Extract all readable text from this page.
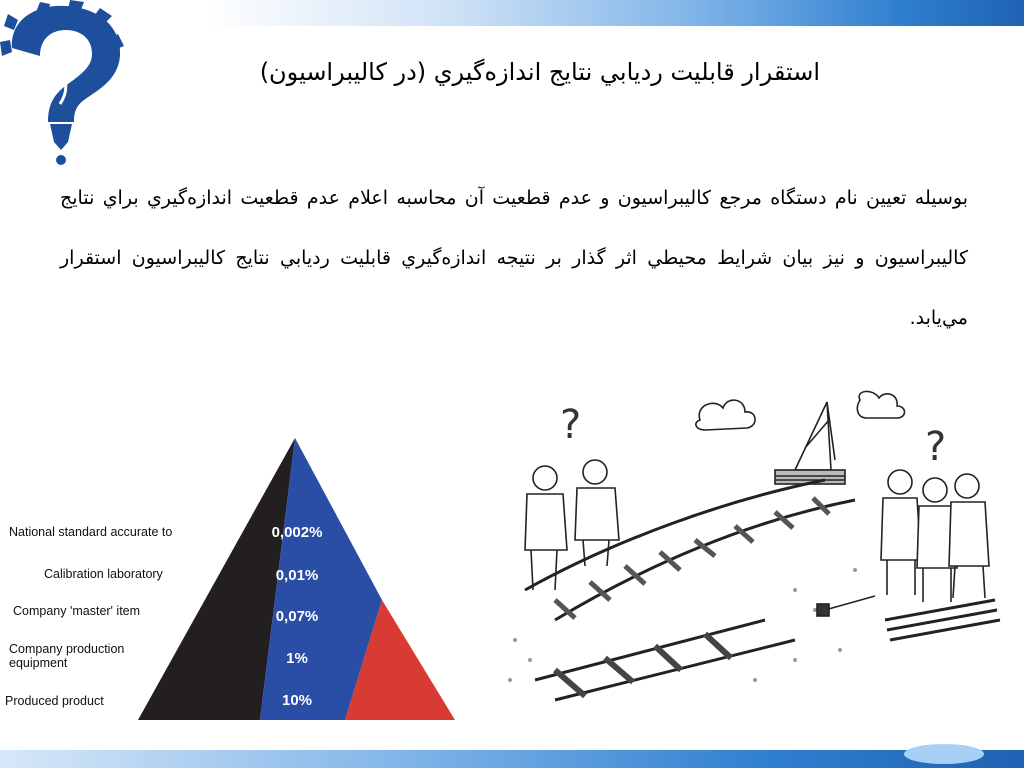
استقرار قابليت ردیابي نتايج اندازه‌گيري (در کاليبراسيون)

بوسيله تعيين نام دستگاه مرجع کاليبراسيون و عدم قطعيت آن محاسبه اعلام عدم قطعيت اندازه‌گيري براي نتايج کاليبراسيون و نيز بيان شرايط محيطي اثر گذار بر نتيجه اندازه‌گيري قابليت ردیابي نتايج کاليبراسيون استقرار مي‌يابد.

National standard accurate to
Calibration laboratory
Company 'master' item
Company production equipment
Produced product
0,002%
0,01%
0,07%
1%
10%
?	?
